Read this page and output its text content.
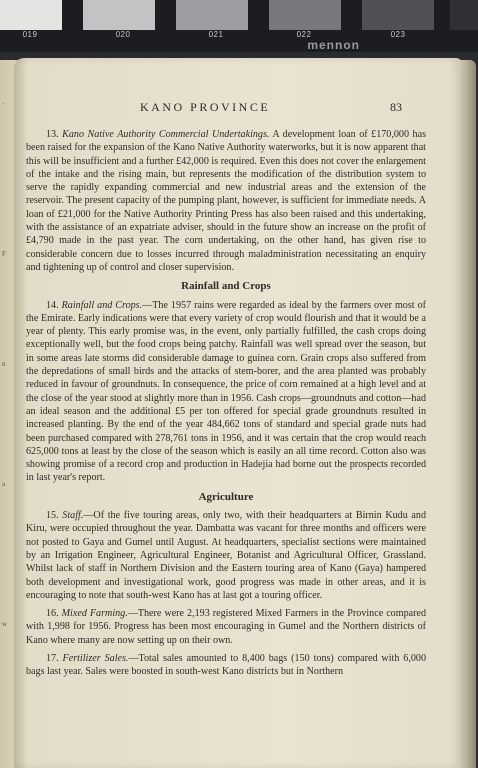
019	020	021	022	023
mennon
·
F
n
a
w
KANO PROVINCE	83

13. Kano Native Authority Commercial Undertakings. A development loan of £170,000 has been raised for the expansion of the Kano Native Authority waterworks, but it is now apparent that this will be insufficient and a further £42,000 is required. Even this does not cover the enlargement of the intake and the rising main, but represents the modification of the distribution system to serve the rapidly expanding commercial and new industrial areas and the extension of the reservoir. The present capacity of the pumping plant, however, is sufficient for immediate needs. A loan of £21,000 for the Native Authority Printing Press has also been raised and this undertaking, with the assistance of an expatriate adviser, should in the future show an increase on the profit of £4,790 made in the past year. The corn undertaking, on the other hand, has given rise to considerable concern due to losses incurred through maladministration necessitating an enquiry and tightening up of control and closer supervision.

Rainfall and Crops

14. Rainfall and Crops.—The 1957 rains were regarded as ideal by the farmers over most of the Emirate. Early indications were that every variety of crop would flourish and that it would be a year of plenty. This early promise was, in the event, only partially fulfilled, the cash crops doing exceptionally well, but the food crops being patchy. Rainfall was well spread over the season, but in some areas late storms did considerable damage to guinea corn. Grain crops also suffered from the depredations of small birds and the attacks of stem-borer, and the area planted was probably reduced in favour of groundnuts. In consequence, the price of corn remained at a high level and at the close of the year stood at slightly more than in 1956. Cash crops—groundnuts and cotton—had an ideal season and the additional £5 per ton offered for special grade groundnuts resulted in increased planting. By the end of the year 484,662 tons of standard and special grade nuts had been purchased compared with 278,761 tons in 1956, and it was certain that the crop would reach 625,000 tons at least by the close of the season which is easily an all time record. Cotton also was showing promise of a record crop and production in Hadejia had borne out the prospects recorded in last year's report.

Agriculture

15. Staff.—Of the five touring areas, only two, with their headquarters at Birnin Kudu and Kiru, were occupied throughout the year. Dambatta was vacant for three months and officers were not posted to Gaya and Gumel until August. At headquarters, specialist sections were maintained by an Irrigation Engineer, Agricultural Engineer, Botanist and Agricultural Officer, Grassland. Whilst lack of staff in Northern Division and the Eastern touring area of Kano (Gaya) hampered both development and investigational work, good progress was made in other areas, and it is encouraging to note that south-west Kano has at last got a touring officer.

16. Mixed Farming.—There were 2,193 registered Mixed Farmers in the Province compared with 1,998 for 1956. Progress has been most encouraging in Gumel and the Northern districts of Kano where many are now setting up on their own.

17. Fertilizer Sales.—Total sales amounted to 8,400 bags (150 tons) compared with 6,000 bags last year. Sales were boosted in south-west Kano districts but in Northern
